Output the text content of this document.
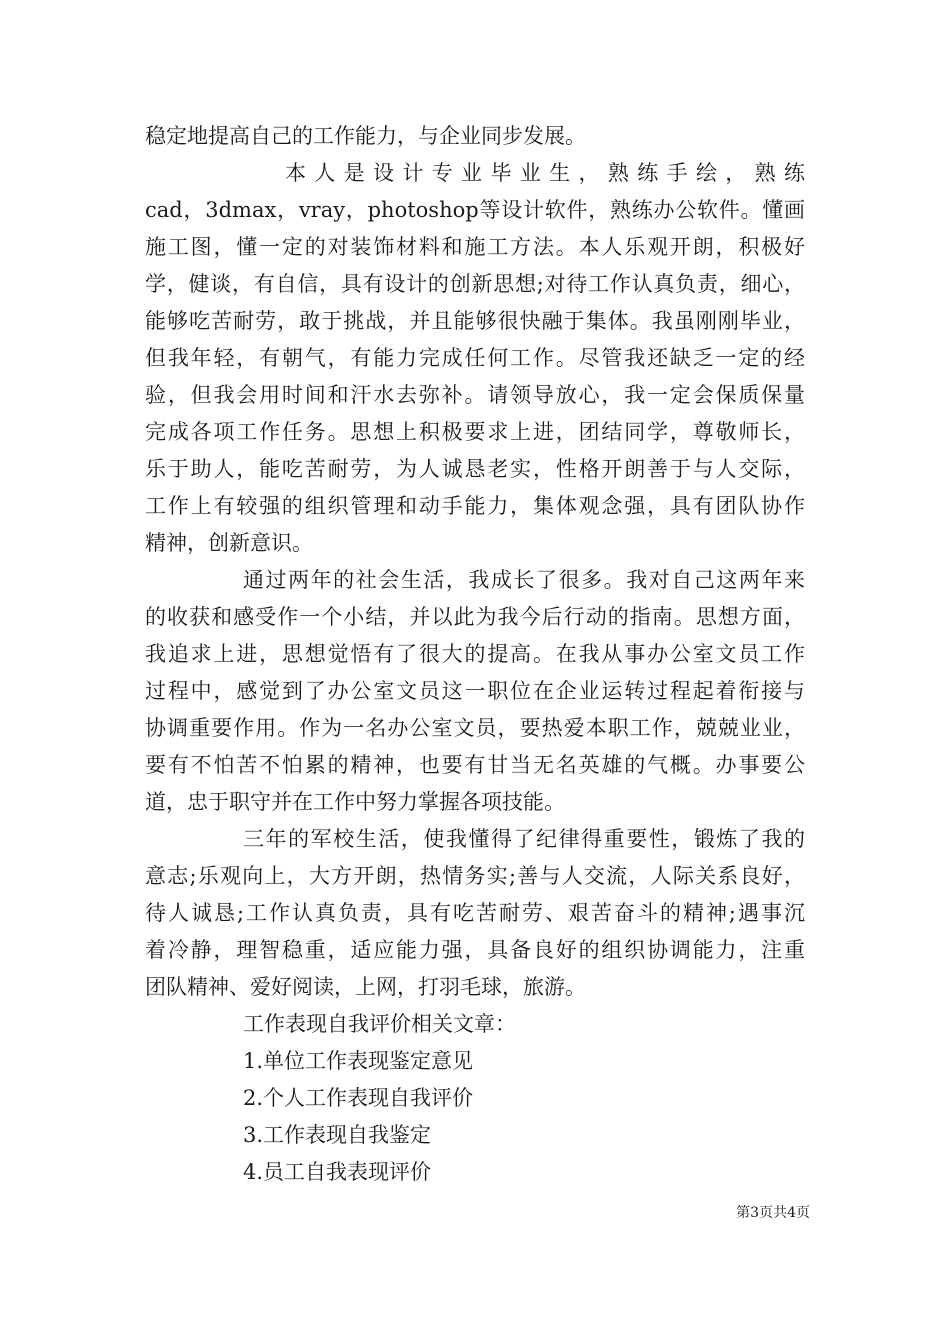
稳定地提高自己的工作能力，与企业同步发展。
本人是设计专业毕业生，熟练手绘，熟练
cad，3dmax，vray，photoshop等设计软件，熟练办公软件。懂画
施工图，懂一定的对装饰材料和施工方法。本人乐观开朗，积极好
学，健谈，有自信，具有设计的创新思想;对待工作认真负责，细心，
能够吃苦耐劳，敢于挑战，并且能够很快融于集体。我虽刚刚毕业，
但我年轻，有朝气，有能力完成任何工作。尽管我还缺乏一定的经
验，但我会用时间和汗水去弥补。请领导放心，我一定会保质保量
完成各项工作任务。思想上积极要求上进，团结同学，尊敬师长，
乐于助人，能吃苦耐劳，为人诚恳老实，性格开朗善于与人交际，
工作上有较强的组织管理和动手能力，集体观念强，具有团队协作
精神，创新意识。
通过两年的社会生活，我成长了很多。我对自己这两年来
的收获和感受作一个小结，并以此为我今后行动的指南。思想方面，
我追求上进，思想觉悟有了很大的提高。在我从事办公室文员工作
过程中，感觉到了办公室文员这一职位在企业运转过程起着衔接与
协调重要作用。作为一名办公室文员，要热爱本职工作，兢兢业业，
要有不怕苦不怕累的精神，也要有甘当无名英雄的气概。办事要公
道，忠于职守并在工作中努力掌握各项技能。
三年的军校生活，使我懂得了纪律得重要性，锻炼了我的
意志;乐观向上，大方开朗，热情务实;善与人交流，人际关系良好，
待人诚恳;工作认真负责，具有吃苦耐劳、艰苦奋斗的精神;遇事沉
着冷静，理智稳重，适应能力强，具备良好的组织协调能力，注重
团队精神、爱好阅读，上网，打羽毛球，旅游。
工作表现自我评价相关文章：
1.单位工作表现鉴定意见
2.个人工作表现自我评价
3.工作表现自我鉴定
4.员工自我表现评价
第3页共4页
